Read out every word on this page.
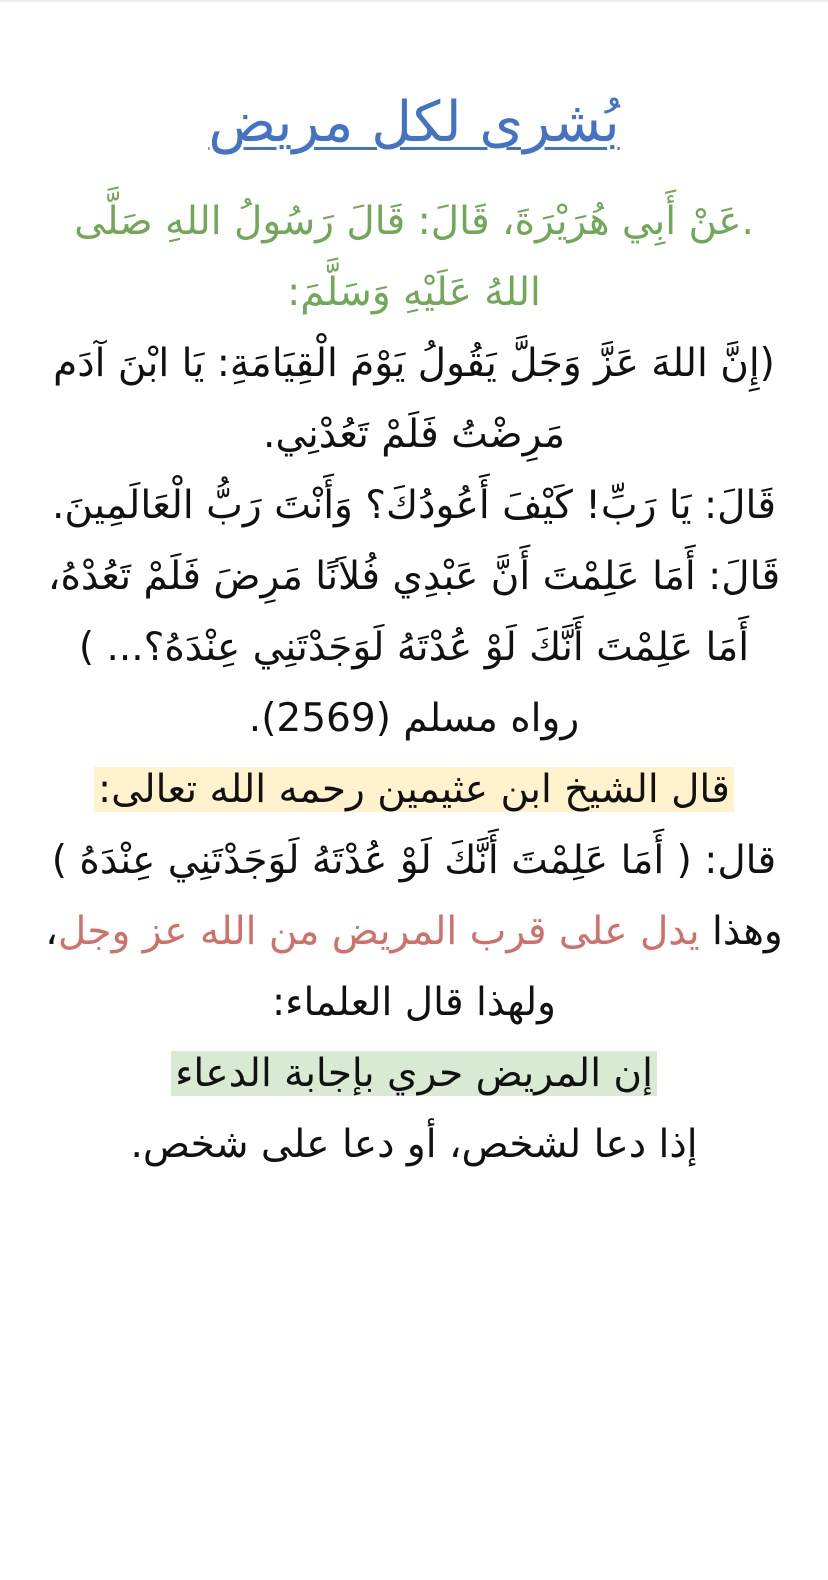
بُشرى لكل مريض

.عَنْ أَبِي هُرَيْرَةَ، قَالَ: قَالَ رَسُولُ اللهِ صَلَّى اللهُ عَلَيْهِ وَسَلَّمَ:

(إِنَّ اللهَ عَزَّ وَجَلَّ يَقُولُ يَوْمَ الْقِيَامَةِ: يَا ابْنَ آدَم مَرِضْتُ فَلَمْ تَعُدْنِي.

قَالَ: يَا رَبِّ! كَيْفَ أَعُودُكَ؟ وَأَنْتَ رَبُّ الْعَالَمِينَ.

قَالَ: أَمَا عَلِمْتَ أَنَّ عَبْدِي فُلاَنًا مَرِضَ فَلَمْ تَعُدْهُ، أَمَا عَلِمْتَ أَنَّكَ لَوْ عُدْتَهُ لَوَجَدْتَنِي عِنْدَهُ؟... )

رواه مسلم (2569).

قال الشيخ ابن عثيمين رحمه الله تعالى:

قال: ( أَمَا عَلِمْتَ أَنَّكَ لَوْ عُدْتَهُ لَوَجَدْتَنِي عِنْدَهُ )

وهذا يدل على قرب المريض من الله عز وجل، ولهذا قال العلماء:

إن المريض حري بإجابة الدعاء

إذا دعا لشخص، أو دعا على شخص.
